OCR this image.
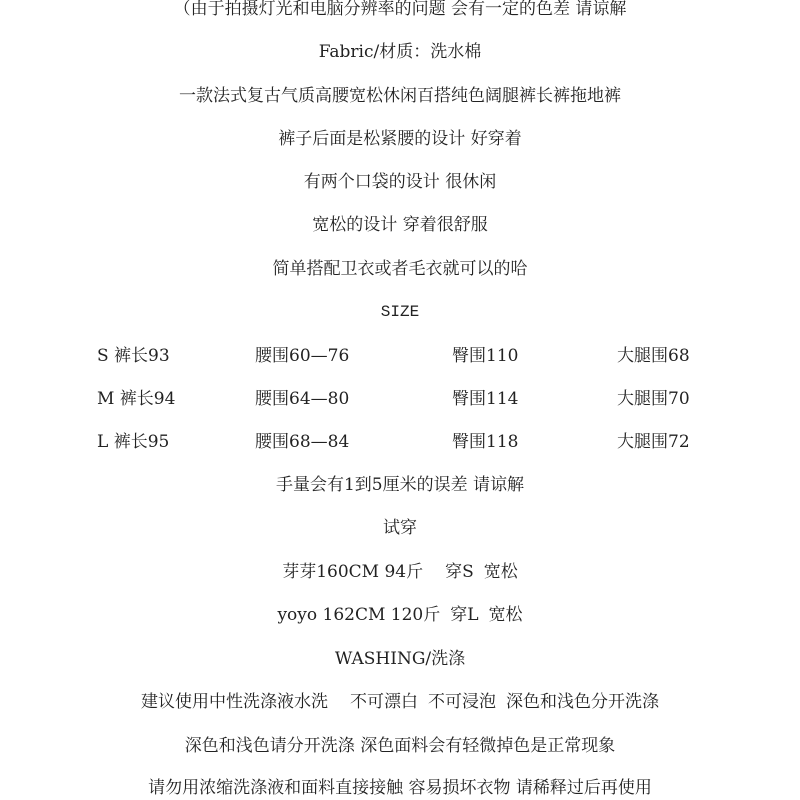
（由于拍摄灯光和电脑分辨率的问题 会有一定的色差 请谅解
Fabric/材质：洗水棉
一款法式复古气质高腰宽松休闲百搭纯色阔腿裤长裤拖地裤
裤子后面是松紧腰的设计 好穿着
有两个口袋的设计 很休闲
宽松的设计 穿着很舒服
简单搭配卫衣或者毛衣就可以的哈
SIZE
S 裤长93	腰围60—76	臀围110	大腿围68
M 裤长94	腰围64—80	臀围114	大腿围70
L 裤长95	腰围68—84	臀围118	大腿围72
手量会有1到5厘米的误差 请谅解
试穿
芽芽160CM 94斤 穿S 宽松
yoyo 162CM 120斤 穿L 宽松
WASHING/洗涤
建议使用中性洗涤液水洗 不可漂白 不可浸泡 深色和浅色分开洗涤
深色和浅色请分开洗涤 深色面料会有轻微掉色是正常现象
请勿用浓缩洗涤液和面料直接接触 容易损坏衣物 请稀释过后再使用
